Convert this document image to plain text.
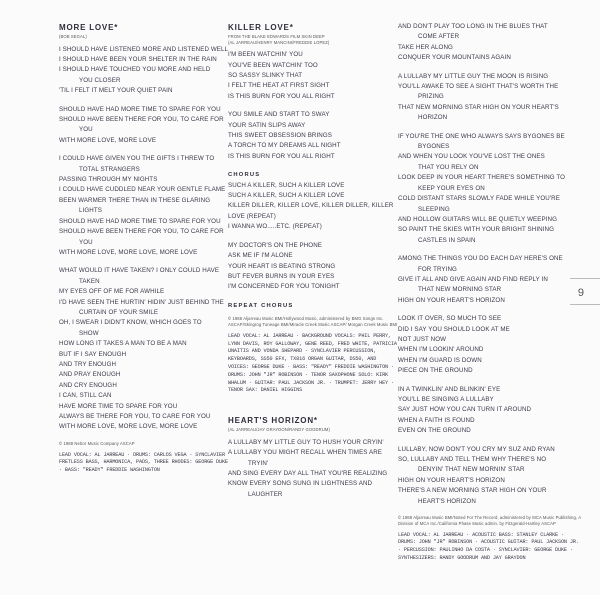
MORE LOVE*
(BOB SEGAL)
I SHOULD HAVE LISTENED MORE AND LISTENED WELL
I SHOULD HAVE BEEN YOUR SHELTER IN THE RAIN
I SHOULD HAVE TOUCHED YOU MORE AND HELD
YOU CLOSER
'TIL I FELT IT MELT YOUR QUIET PAIN
SHOULD HAVE HAD MORE TIME TO SPARE FOR YOU
SHOULD HAVE BEEN THERE FOR YOU, TO CARE FOR
YOU
WITH MORE LOVE, MORE LOVE
I COULD HAVE GIVEN YOU THE GIFTS I THREW TO
TOTAL STRANGERS
PASSING THROUGH MY NIGHTS
I COULD HAVE CUDDLED NEAR YOUR GENTLE FLAME
BEEN WARMER THERE THAN IN THESE GLARING
LIGHTS
SHOULD HAVE HAD MORE TIME TO SPARE FOR YOU
SHOULD HAVE BEEN THERE FOR YOU, TO CARE FOR
YOU
WITH MORE LOVE, MORE LOVE, MORE LOVE
WHAT WOULD IT HAVE TAKEN? I ONLY COULD HAVE
TAKEN
MY EYES OFF OF ME FOR AWHILE
I'D HAVE SEEN THE HURTIN' HIDIN' JUST BEHIND THE
CURTAIN OF YOUR SMILE
OH, I SWEAR I DIDN'T KNOW, WHICH GOES TO
SHOW
HOW LONG IT TAKES A MAN TO BE A MAN
BUT IF I SAY ENOUGH
AND TRY ENOUGH
AND PRAY ENOUGH
AND CRY ENOUGH
I CAN, STILL CAN
HAVE MORE TIME TO SPARE FOR YOU
ALWAYS BE THERE FOR YOU, TO CARE FOR YOU
WITH MORE LOVE, MORE LOVE, MORE LOVE
© 1988 Nebor Music Company ASCAP
LEAD VOCAL: AL JARREAU · DRUMS: CARLOS VEGA · SYNCLAVIER FRETLESS BASS, HARMONICA, PADS, THREE RHODES: GEORGE DUKE · BASS: "READY" FREDDIE WASHINGTON
KILLER LOVE*
FROM THE BLAKE EDWARDS FILM SKIN DEEP
(AL JARREAU/HENRY MANCINI/FREDDIE LOPEZ)
I'M BEEN WATCHIN' YOU
YOU'VE BEEN WATCHIN' TOO
SO SASSY SLINKY THAT
I FELT THE HEAT AT FIRST SIGHT
IS THIS BURN FOR YOU ALL RIGHT
YOU SMILE AND START TO SWAY
YOUR SATIN SLIPS AWAY
THIS SWEET OBSESSION BRINGS
A TORCH TO MY DREAMS ALL NIGHT
IS THIS BURN FOR YOU ALL RIGHT
CHORUS
SUCH A KILLER, SUCH A KILLER LOVE
SUCH A KILLER, SUCH A KILLER LOVE
KILLER DILLER, KILLER LOVE, KILLER DILLER, KILLER
LOVE (REPEAT)
I WANNA WO.....ETC. (REPEAT)
MY DOCTOR'S ON THE PHONE
ASK ME IF I'M ALONE
YOUR HEART IS BEATING STRONG
BUT FEVER BURNS IN YOUR EYES
I'M CONCERNED FOR YOU TONIGHT
REPEAT CHORUS
© 1988 Aljarreau Music BMI/Hollywood Music, administered by BMG Songs Inc. ASCAP/Skingrog Tuneage BMI/Miracle Creek Music ASCAP/ Morgan Creek Music BMI
LEAD VOCAL: AL JARREAU · BACKGROUND VOCALS: PHIL PERRY, LYNN DAVIS, ROY GALLOWAY, GENE REED, FRED WHITE, PATRICIA UNAITIS AND VONDA SHEPARD · SYNCLAVIER PERCUSSION, KEYBOARDS, SS50 EFX, TX816 ORGAN GUITAR, DS50, AND VOICES: GEORGE DUKE · BASS: "READY" FREDDIE WASHINGTON · DRUMS: JOHN "JR" ROBINSON · TENOR SAXOPHONE SOLO: KIRK WHALUM · GUITAR: PAUL JACKSON JR. · TRUMPET: JERRY HEY · TENOR SAX: DANIEL HIGGINS
HEART'S HORIZON*
(AL JARREAU/JAY GRAYDON/RANDY GOODRUM)
A LULLABY MY LITTLE GUY TO HUSH YOUR CRYIN'
A LULLABY YOU MIGHT RECALL WHEN TIMES ARE
TRYIN'
AND SING EVERY DAY ALL THAT YOU'RE REALIZING
KNOW EVERY SONG SUNG IN LIGHTNESS AND
LAUGHTER
AND DON'T PLAY TOO LONG IN THE BLUES THAT
COME AFTER
TAKE HER ALONG
CONQUER YOUR MOUNTAINS AGAIN
A LULLABY MY LITTLE GUY THE MOON IS RISING
YOU'LL AWAKE TO SEE A SIGHT THAT'S WORTH THE
PRIZING
THAT NEW MORNING STAR HIGH ON YOUR HEART'S
HORIZON
IF YOU'RE THE ONE WHO ALWAYS SAYS BYGONES BE
BYGONES
AND WHEN YOU LOOK YOU'VE LOST THE ONES
THAT YOU RELY ON
LOOK DEEP IN YOUR HEART THERE'S SOMETHING TO
KEEP YOUR EYES ON
COLD DISTANT STARS SLOWLY FADE WHILE YOU'RE
SLEEPING
AND HOLLOW GUITARS WILL BE QUIETLY WEEPING
SO PAINT THE SKIES WITH YOUR BRIGHT SHINING
CASTLES IN SPAIN
AMONG THE THINGS YOU DO EACH DAY HERE'S ONE
FOR TRYING
GIVE IT ALL AND GIVE AGAIN AND FIND REPLY IN
THAT NEW MORNING STAR
HIGH ON YOUR HEART'S HORIZON
LOOK IT OVER, SO MUCH TO SEE
DID I SAY YOU SHOULD LOOK AT ME
NOT JUST NOW
WHEN I'M LOOKIN' AROUND
WHEN I'M GUARD IS DOWN
PIECE ON THE GROUND
IN A TWINKLIN' AND BLINKIN' EYE
YOU'LL BE SINGING A LULLABY
SAY JUST HOW YOU CAN TURN IT AROUND
WHEN A FAITH IS FOUND
EVEN ON THE GROUND
LULLABY, NOW DON'T YOU CRY MY SUZ AND RYAN
SO, LULLABY AND TELL THEM WHY THERE'S NO
DENYIN' THAT NEW MORNIN' STAR
HIGH ON YOUR HEART'S HORIZON
THERE'S A NEW MORNING STAR HIGH ON YOUR
HEART'S HORIZON
© 1988 Aljarreau Music BMI/Noted For The Record, administered by MCA Music Publishing, A Division of MCA Inc./California Phase Music admin. by Fitzgerald-Hartley ASCAP
LEAD VOCAL: AL JARREAU · ACOUSTIC BASS: STANLEY CLARKE · DRUMS: JOHN "JR" ROBINSON · ACOUSTIC GUITAR: PAUL JACKSON JR. · PERCUSSION: PAULINHO DA COSTA · SYNCLAVIER: GEORGE DUKE · SYNTHESIZERS: RANDY GOODRUM AND JAY GRAYDON
9
